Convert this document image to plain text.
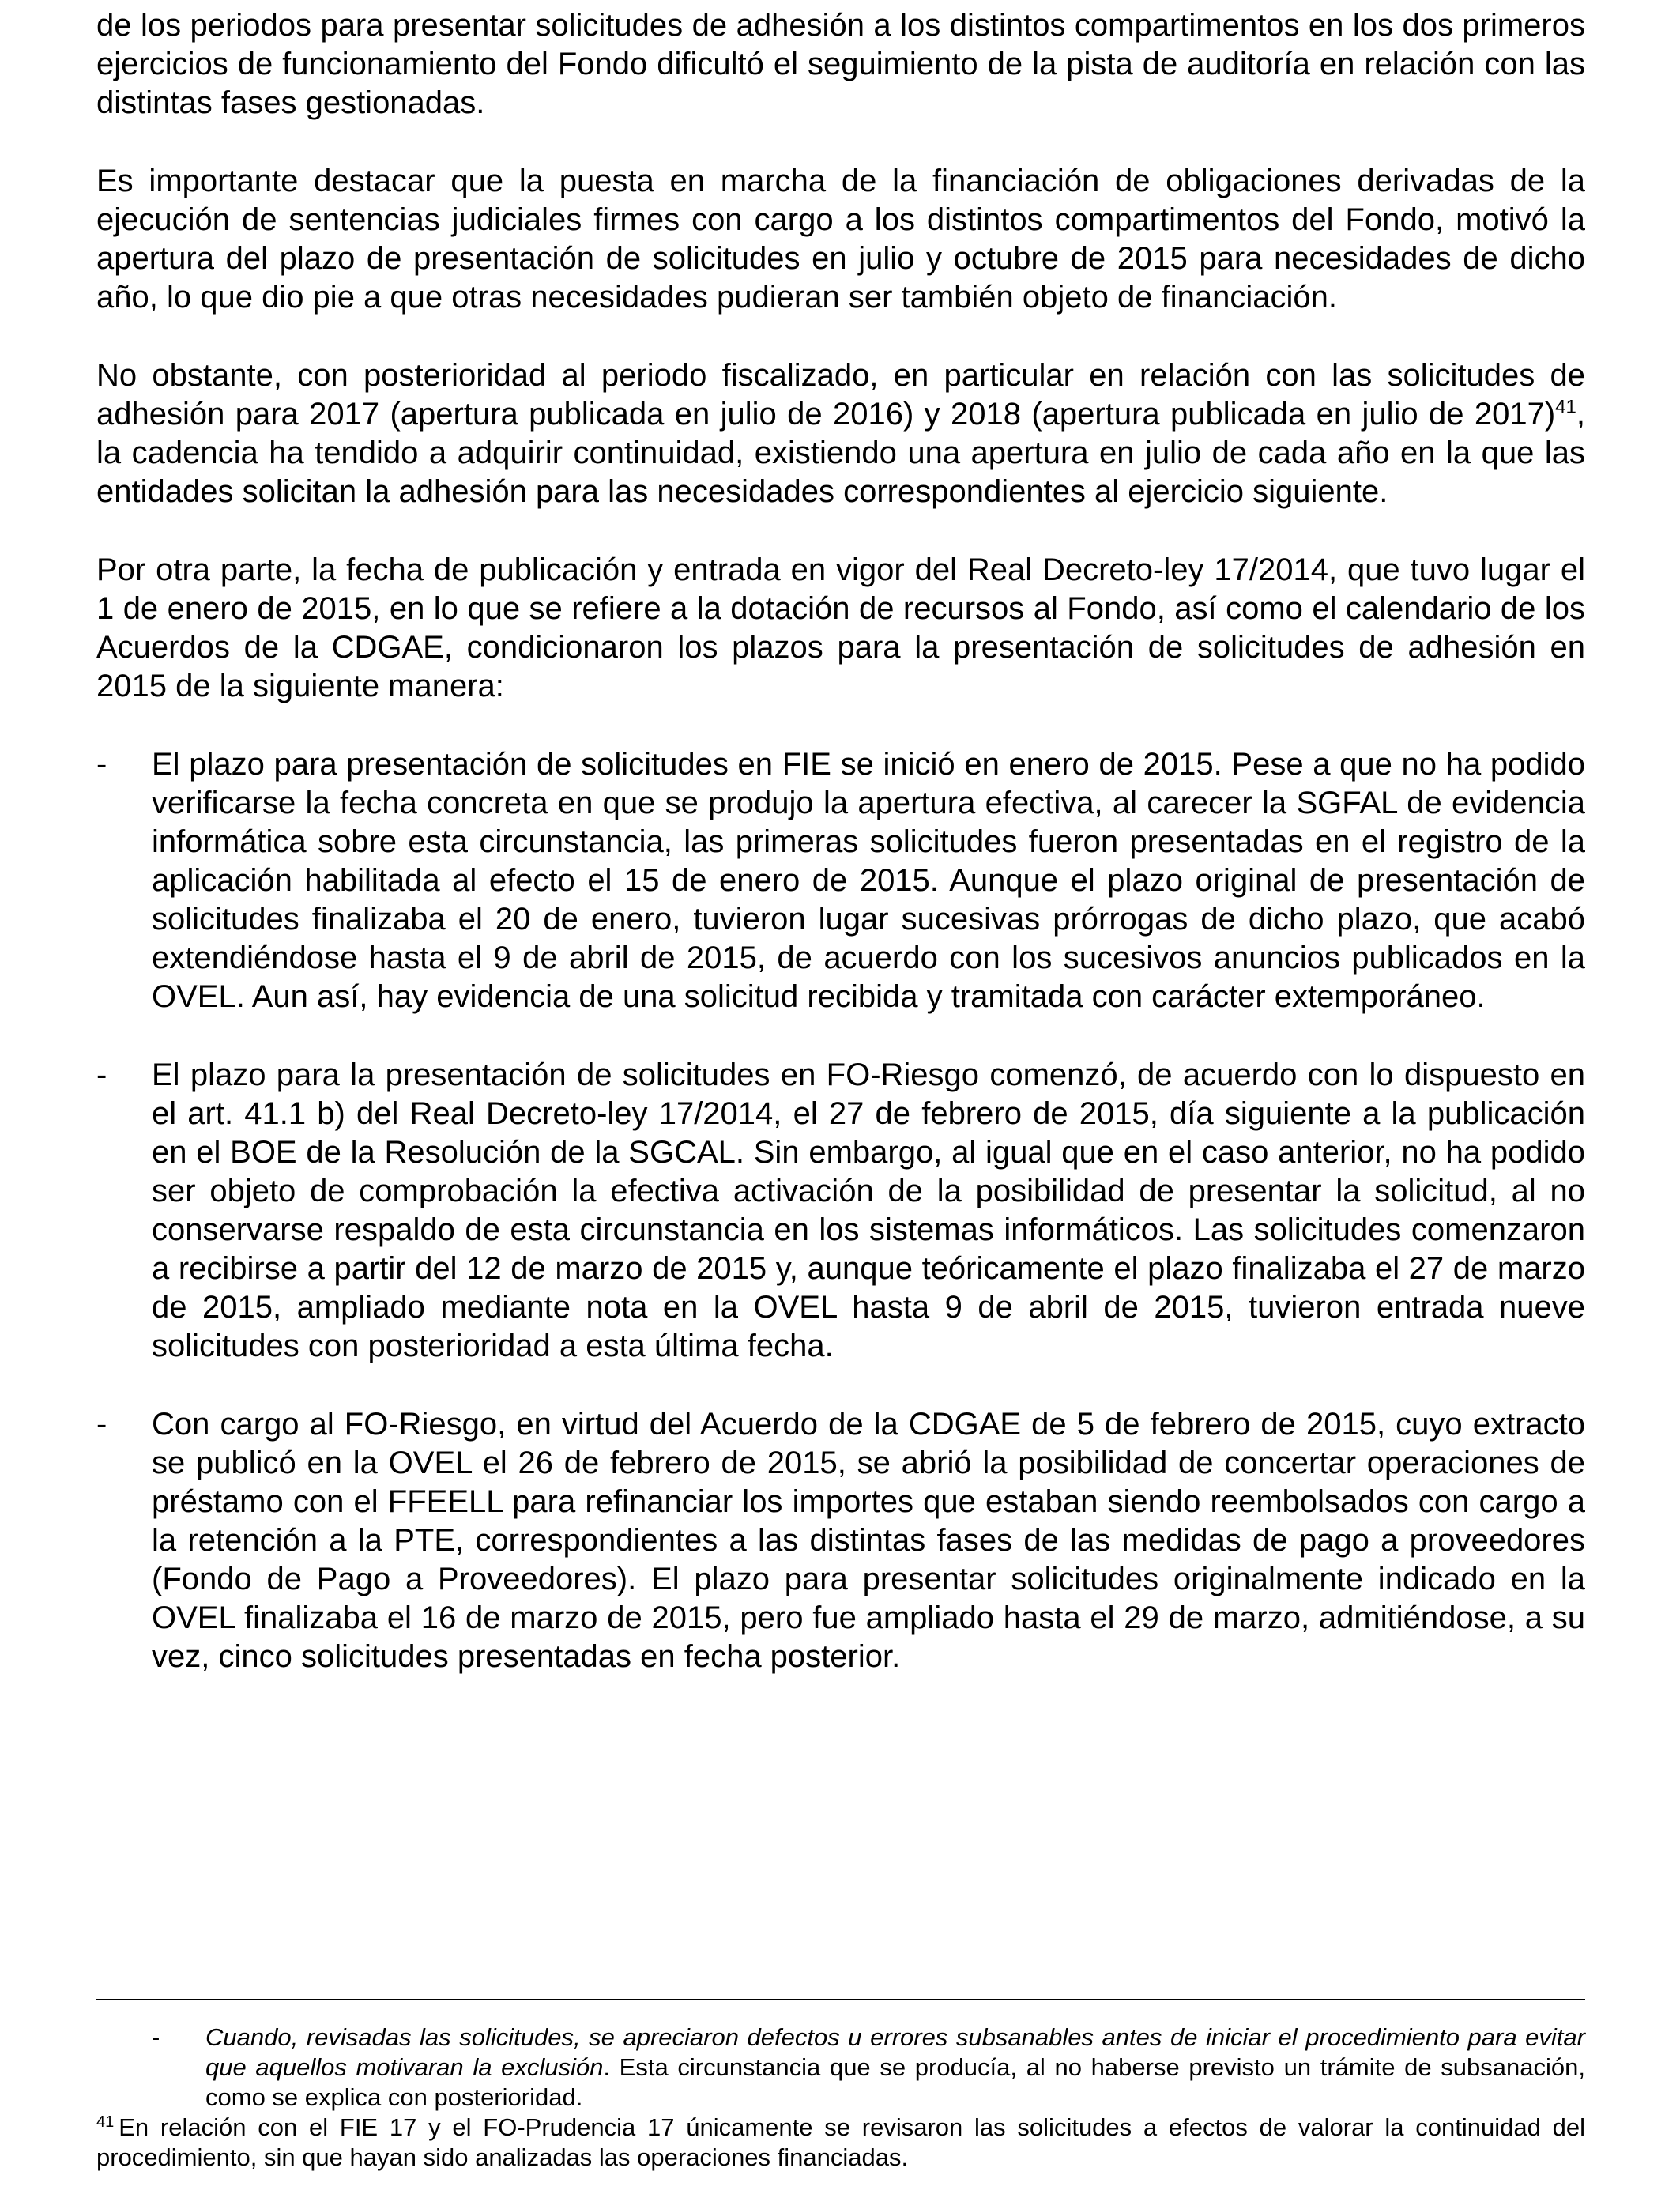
de los periodos para presentar solicitudes de adhesión a los distintos compartimentos en los dos primeros ejercicios de funcionamiento del Fondo dificultó el seguimiento de la pista de auditoría en relación con las distintas fases gestionadas.

Es importante destacar que la puesta en marcha de la financiación de obligaciones derivadas de la ejecución de sentencias judiciales firmes con cargo a los distintos compartimentos del Fondo, motivó la apertura del plazo de presentación de solicitudes en julio y octubre de 2015 para necesidades de dicho año, lo que dio pie a que otras necesidades pudieran ser también objeto de financiación.

No obstante, con posterioridad al periodo fiscalizado, en particular en relación con las solicitudes de adhesión para 2017 (apertura publicada en julio de 2016) y 2018 (apertura publicada en julio de 2017)$^{41}$, la cadencia ha tendido a adquirir continuidad, existiendo una apertura en julio de cada año en la que las entidades solicitan la adhesión para las necesidades correspondientes al ejercicio siguiente.

Por otra parte, la fecha de publicación y entrada en vigor del Real Decreto-ley 17/2014, que tuvo lugar el 1 de enero de 2015, en lo que se refiere a la dotación de recursos al Fondo, así como el calendario de los Acuerdos de la CDGAE, condicionaron los plazos para la presentación de solicitudes de adhesión en 2015 de la siguiente manera:

- El plazo para presentación de solicitudes en FIE se inició en enero de 2015. Pese a que no ha podido verificarse la fecha concreta en que se produjo la apertura efectiva, al carecer la SGFAL de evidencia informática sobre esta circunstancia, las primeras solicitudes fueron presentadas en el registro de la aplicación habilitada al efecto el 15 de enero de 2015. Aunque el plazo original de presentación de solicitudes finalizaba el 20 de enero, tuvieron lugar sucesivas prórrogas de dicho plazo, que acabó extendiéndose hasta el 9 de abril de 2015, de acuerdo con los sucesivos anuncios publicados en la OVEL. Aun así, hay evidencia de una solicitud recibida y tramitada con carácter extemporáneo.
- El plazo para la presentación de solicitudes en FO-Riesgo comenzó, de acuerdo con lo dispuesto en el art. 41.1 b) del Real Decreto-ley 17/2014, el 27 de febrero de 2015, día siguiente a la publicación en el BOE de la Resolución de la SGCAL. Sin embargo, al igual que en el caso anterior, no ha podido ser objeto de comprobación la efectiva activación de la posibilidad de presentar la solicitud, al no conservarse respaldo de esta circunstancia en los sistemas informáticos. Las solicitudes comenzaron a recibirse a partir del 12 de marzo de 2015 y, aunque teóricamente el plazo finalizaba el 27 de marzo de 2015, ampliado mediante nota en la OVEL hasta 9 de abril de 2015, tuvieron entrada nueve solicitudes con posterioridad a esta última fecha.
- Con cargo al FO-Riesgo, en virtud del Acuerdo de la CDGAE de 5 de febrero de 2015, cuyo extracto se publicó en la OVEL el 26 de febrero de 2015, se abrió la posibilidad de concertar operaciones de préstamo con el FFEELL para refinanciar los importes que estaban siendo reembolsados con cargo a la retención a la PTE, correspondientes a las distintas fases de las medidas de pago a proveedores (Fondo de Pago a Proveedores). El plazo para presentar solicitudes originalmente indicado en la OVEL finalizaba el 16 de marzo de 2015, pero fue ampliado hasta el 29 de marzo, admitiéndose, a su vez, cinco solicitudes presentadas en fecha posterior.
- Cuando, revisadas las solicitudes, se apreciaron defectos u errores subsanables antes de iniciar el procedimiento para evitar que aquellos motivaran la exclusión. Esta circunstancia que se producía, al no haberse previsto un trámite de subsanación, como se explica con posterioridad.
$^{41}$ En relación con el FIE 17 y el FO-Prudencia 17 únicamente se revisaron las solicitudes a efectos de valorar la continuidad del procedimiento, sin que hayan sido analizadas las operaciones financiadas.
